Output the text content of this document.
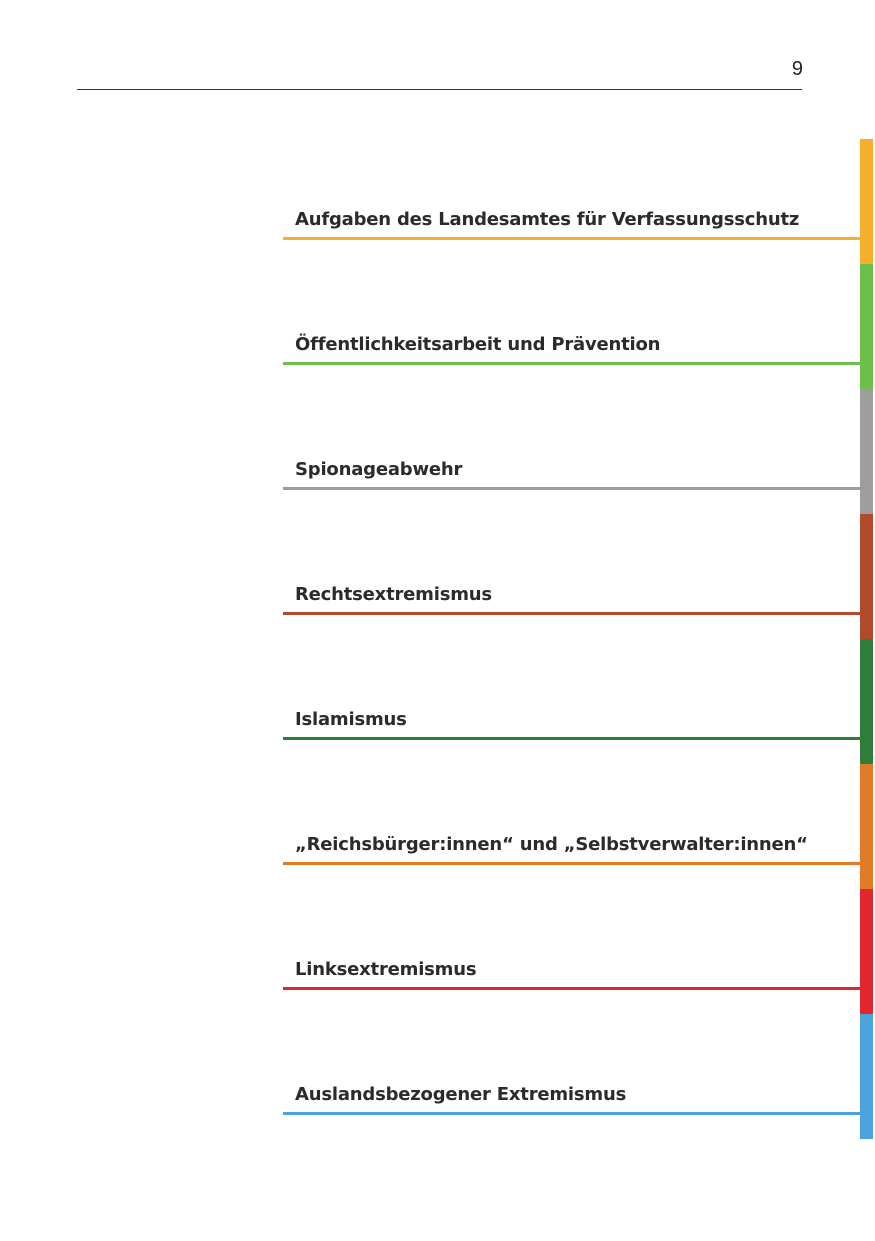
9
Aufgaben des Landesamtes für Verfassungsschutz
Öffentlichkeitsarbeit und Prävention
Spionageabwehr
Rechtsextremismus
Islamismus
„Reichsbürger:innen“ und „Selbstverwalter:innen“
Linksextremismus
Auslandsbezogener Extremismus
